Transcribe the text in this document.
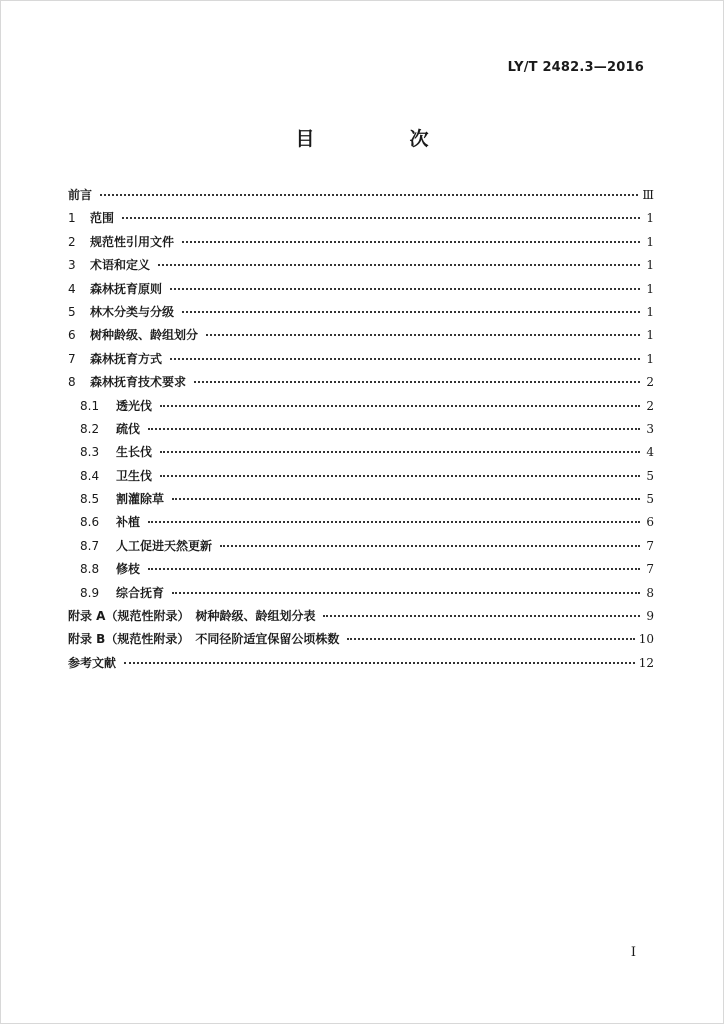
LY/T 2482.3—2016
目　次
前言	Ⅲ
1	范围	1
2	规范性引用文件	1
3	术语和定义	1
4	森林抚育原则	1
5	林木分类与分级	1
6	树种龄级、龄组划分	1
7	森林抚育方式	1
8	森林抚育技术要求	2
8.1	透光伐	2
8.2	疏伐	3
8.3	生长伐	4
8.4	卫生伐	5
8.5	割灌除草	5
8.6	补植	6
8.7	人工促进天然更新	7
8.8	修枝	7
8.9	综合抚育	8
附录 A（规范性附录）　树种龄级、龄组划分表	9
附录 B（规范性附录）　不同径阶适宜保留公顷株数	10
参考文献	12
I
